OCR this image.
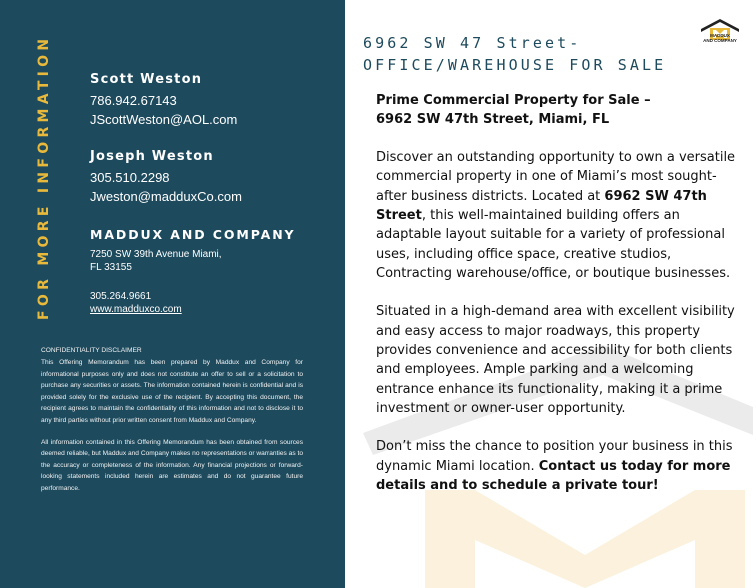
FOR MORE INFORMATION	Scott Weston
786.942.67143
JScottWeston@AOL.com
Joseph Weston
305.510.2298
Jweston@madduxCo.com
MADDUX AND COMPANY
7250 SW 39th Avenue Miami,
FL 33155
305.264.9661
www.madduxco.com
CONFIDENTIALITY DISCLAIMER

This Offering Memorandum has been prepared by Maddux and Company for informational purposes only and does not constitute an offer to sell or a solicitation to purchase any securities or assets. The information contained herein is confidential and is provided solely for the exclusive use of the recipient. By accepting this document, the recipient agrees to maintain the confidentiality of this information and not to disclose it to any third parties without prior written consent from Maddux and Company.

All information contained in this Offering Memorandum has been obtained from sources deemed reliable, but Maddux and Company makes no representations or warranties as to the accuracy or completeness of the information. Any financial projections or forward-looking statements included herein are estimates and do not guarantee future performance.

6962 SW 47 Street-
OFFICE/WAREHOUSE FOR SALE
MADDUX
AND COMPANY
Prime Commercial Property for Sale –
6962 SW 47th Street, Miami, FL

Discover an outstanding opportunity to own a versatile commercial property in one of Miami’s most sought-after business districts. Located at 6962 SW 47th Street, this well-maintained building offers an adaptable layout suitable for a variety of professional uses, including office space, creative studios, Contracting warehouse/office, or boutique businesses.

Situated in a high-demand area with excellent visibility and easy access to major roadways, this property provides convenience and accessibility for both clients and employees. Ample parking and a welcoming entrance enhance its functionality, making it a prime investment or owner-user opportunity.

Don’t miss the chance to position your business in this dynamic Miami location. Contact us today for more details and to schedule a private tour!
